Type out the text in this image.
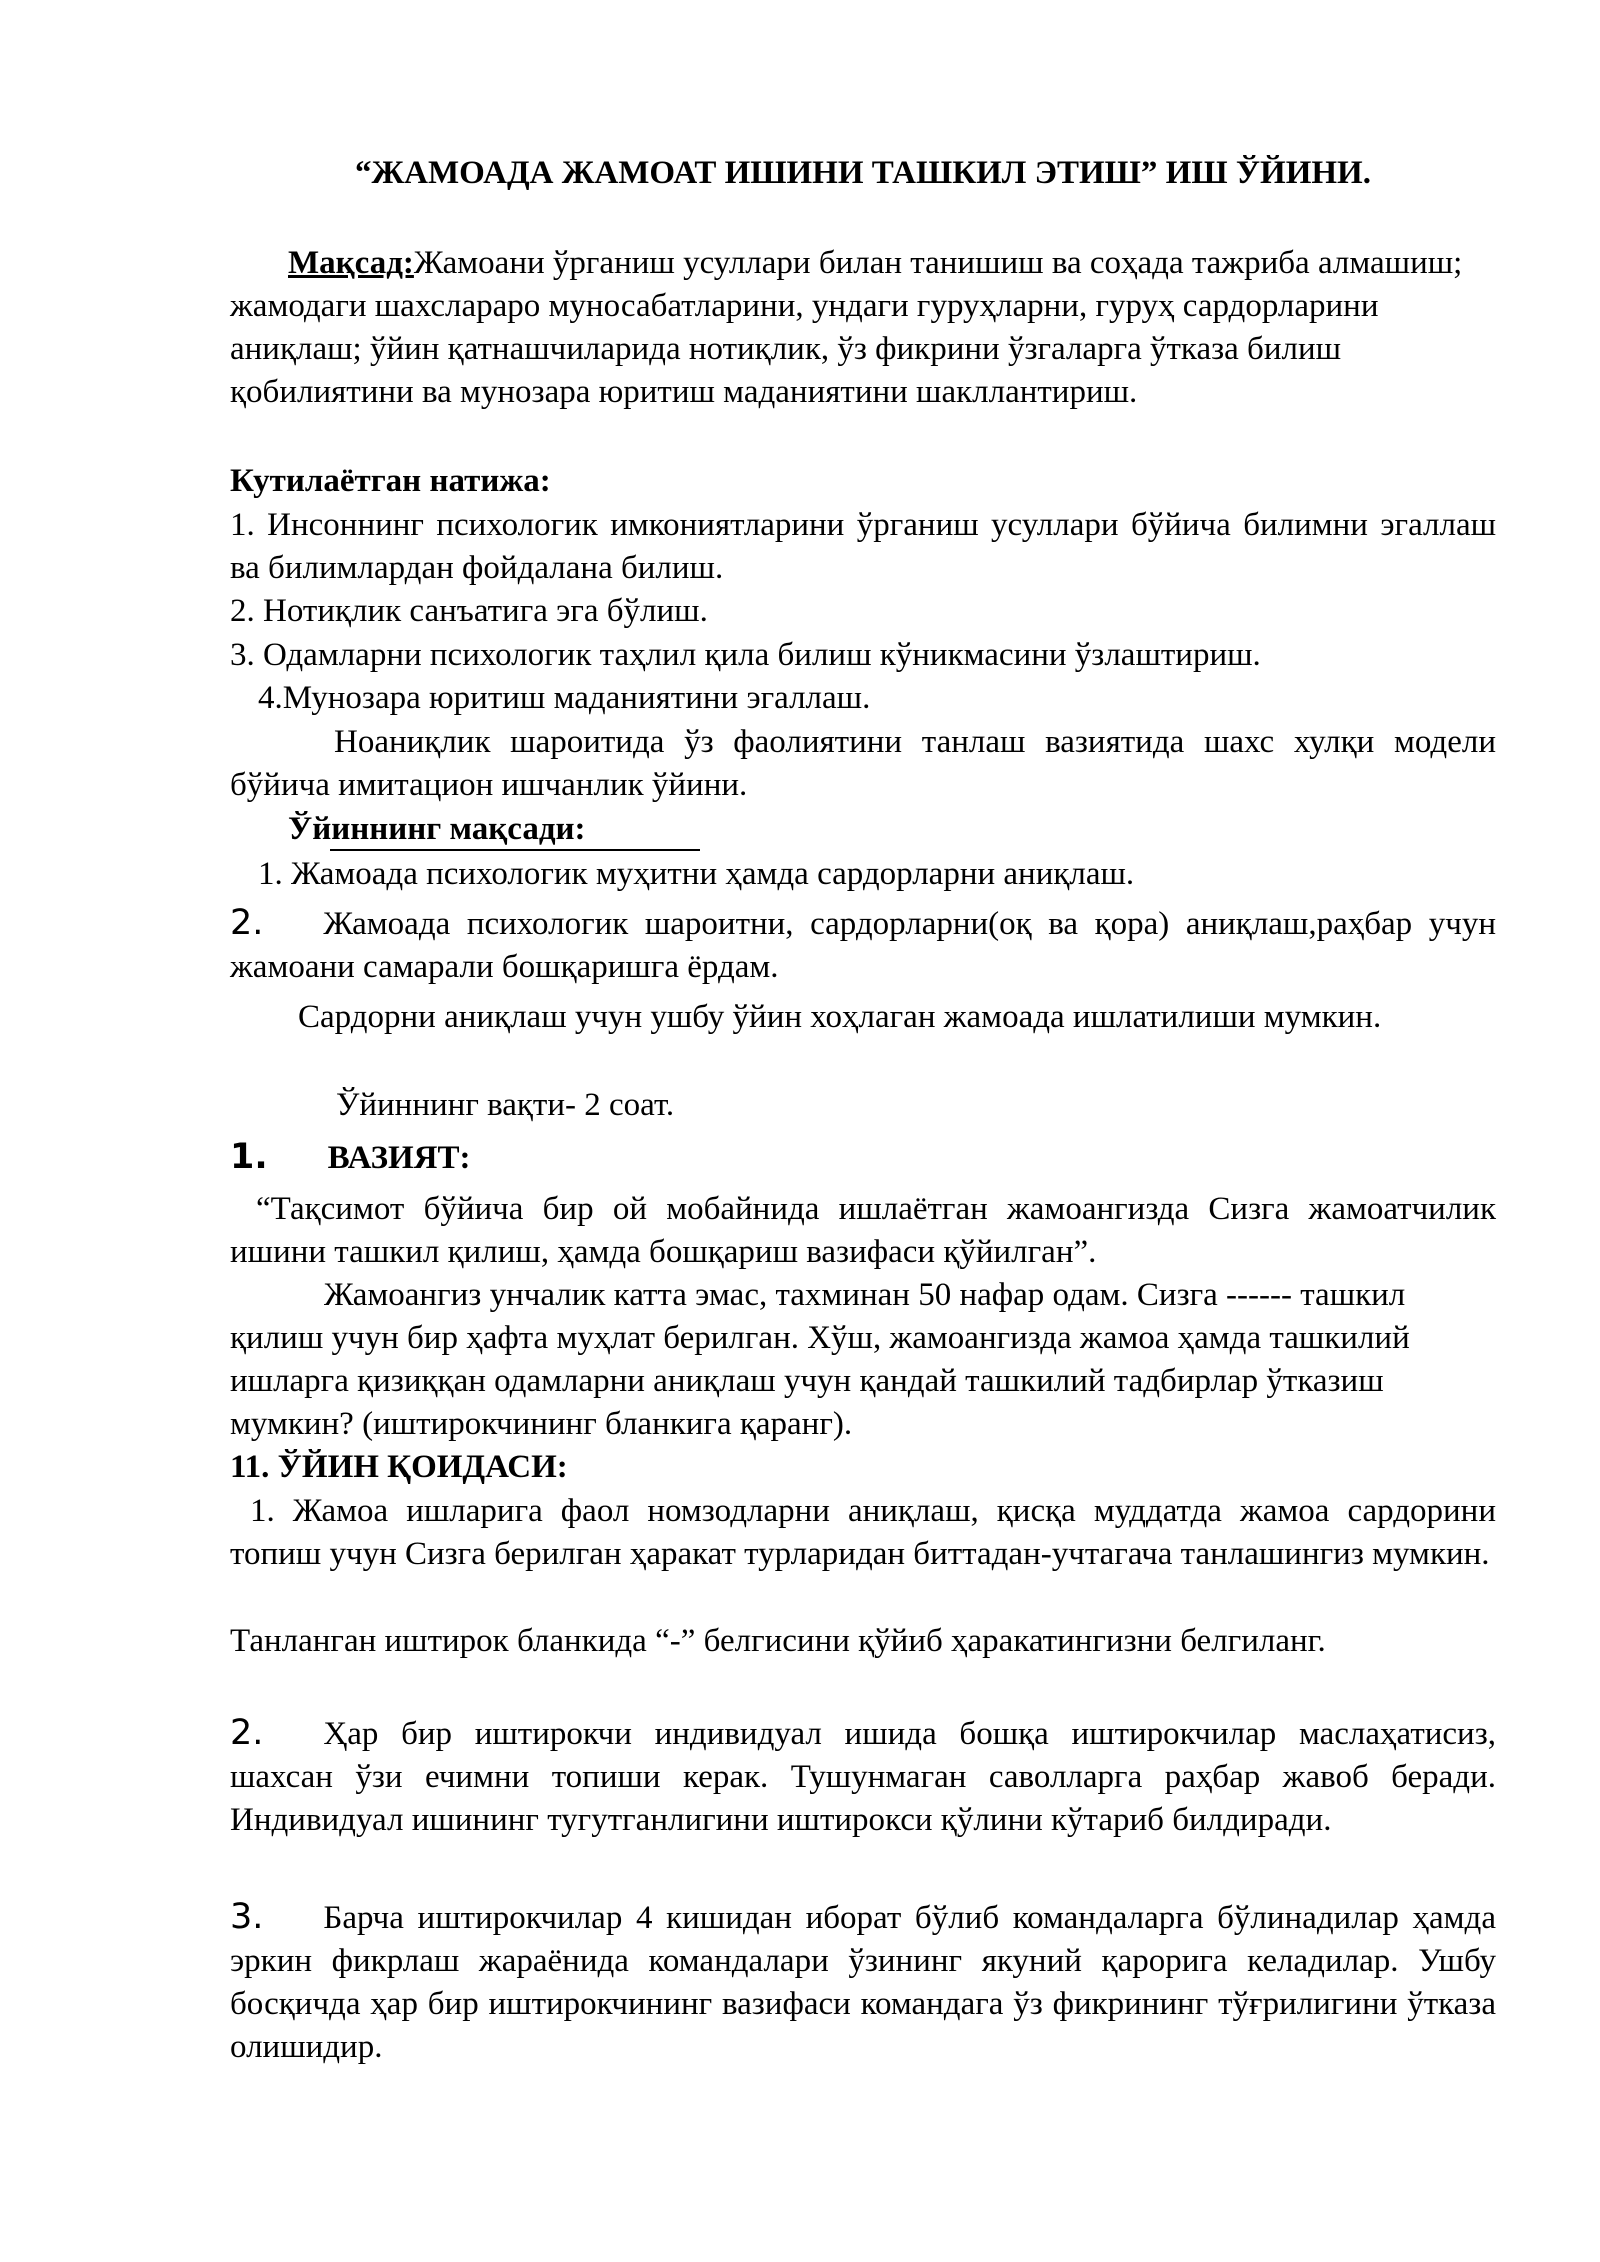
“ЖАМОАДА ЖАМОАТ ИШИНИ ТАШКИЛ ЭТИШ” ИШ ЎЙИНИ.

Мақсад:Жамоани ўрганиш усуллари билан танишиш ва соҳада тажриба алмашиш; жамодаги шахслараро муносабатларини, ундаги гуруҳларни, гуруҳ сардорларини аниқлаш; ўйин қатнашчиларида нотиқлик, ўз фикрини ўзгаларга ўтказа билиш қобилиятини ва мунозара юритиш маданиятини шакллантириш.

Кутилаётган натижа:

1. Инсоннинг психологик имкониятларини ўрганиш усуллари бўйича билимни эгаллаш ва билимлардан фойдалана билиш.

2. Нотиқлик санъатига эга бўлиш.

3. Одамларни психологик таҳлил қила билиш кўникмасини ўзлаштириш.

4.Мунозара юритиш маданиятини эгаллаш.

Ноаниқлик шароитида ўз фаолиятини танлаш вазиятида шахс хулқи модели бўйича имитацион ишчанлик ўйини.

Ўйиннинг мақсади:

1. Жамоада психологик муҳитни ҳамда сардорларни аниқлаш.

2. Жамоада психологик шароитни, сардорларни(оқ ва қора) аниқлаш,раҳбар учун жамоани самарали бошқаришга ёрдам.

Сардорни аниқлаш учун ушбу ўйин хоҳлаган жамоада ишлатилиши мумкин.

Ўйиннинг вақти- 2 соат.

1. ВАЗИЯТ:

“Тақсимот бўйича бир ой мобайнида ишлаётган жамоангизда Сизга жамоатчилик ишини ташкил қилиш, ҳамда бошқариш вазифаси қўйилган”.

Жамоангиз унчалик катта эмас, тахминан 50 нафар одам. Сизга ------ ташкил қилиш учун бир ҳафта муҳлат берилган. Хўш, жамоангизда жамоа ҳамда ташкилий ишларга қизиққан одамларни аниқлаш учун қандай ташкилий тадбирлар ўтказиш мумкин? (иштирокчининг бланкига қаранг).

11. ЎЙИН ҚОИДАСИ:

1. Жамоа ишларига фаол номзодларни аниқлаш, қисқа муддатда жамоа сардорини топиш учун Сизга берилган ҳаракат турларидан биттадан-учтагача танлашингиз мумкин.

Танланган иштирок бланкида “-” белгисини қўйиб ҳаракатингизни белгиланг.

2. Ҳар бир иштирокчи индивидуал ишида бошқа иштирокчилар маслаҳатисиз, шахсан ўзи ечимни топиши керак. Тушунмаган саволларга раҳбар жавоб беради. Индивидуал ишининг тугутганлигини иштирокси қўлини кўтариб билдиради.

3. Барча иштирокчилар 4 кишидан иборат бўлиб командаларга бўлинадилар ҳамда эркин фикрлаш жараёнида командалари ўзининг якуний қарорига келадилар. Ушбу босқичда ҳар бир иштирокчининг вазифаси командага ўз фикрининг тўғрилигини ўтказа олишидир.
